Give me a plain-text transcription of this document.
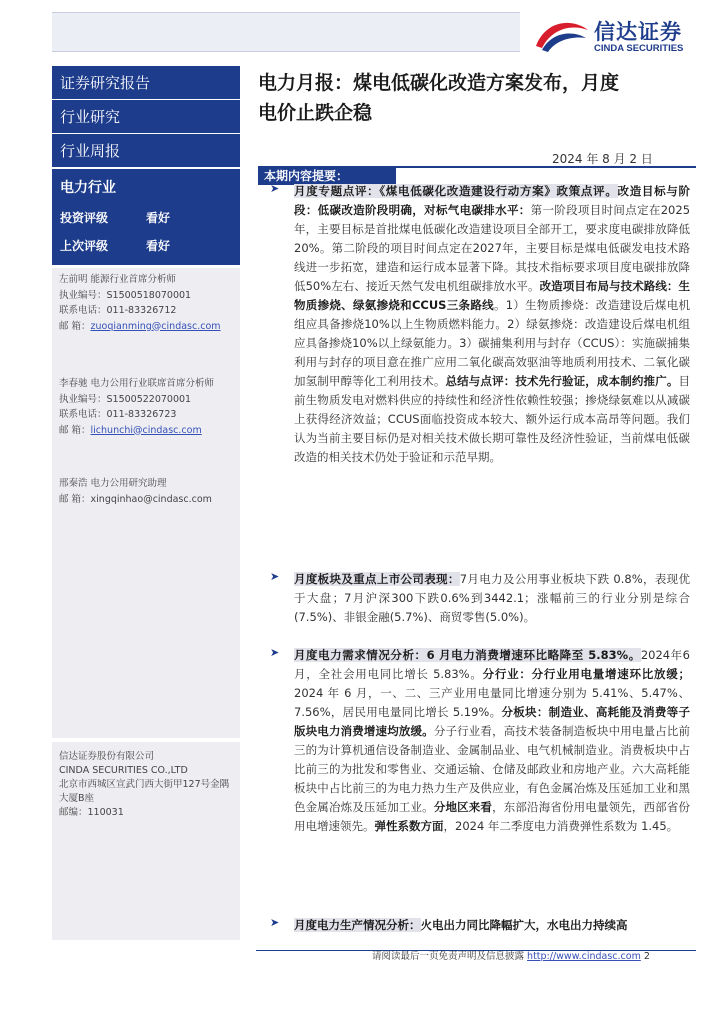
信达证券
CINDA SECURITIES
证券研究报告
行业研究
行业周报
电力行业
投资评级	看好
上次评级	看好
左前明 能源行业首席分析师
执业编号：S1500518070001
联系电话：011-83326712
邮 箱：zuoqianming@cindasc.com
李春驰 电力公用行业联席首席分析师
执业编号：S1500522070001
联系电话：011-83326723
邮 箱：lichunchi@cindasc.com
邢秦浩 电力公用研究助理
邮 箱：xingqinhao@cindasc.com
信达证券股份有限公司
CINDA SECURITIES CO.,LTD
北京市西城区宣武门西大街甲127号金隅
大厦B座
邮编：110031
电力月报：煤电低碳化改造方案发布，月度
电价止跌企稳
2024 年 8 月 2 日
本期内容提要：
➤ 月度专题点评：《煤电低碳化改造建设行动方案》政策点评。改造目标与阶段：低碳改造阶段明确，对标气电碳排水平：第一阶段项目时间点定在2025年，主要目标是首批煤电低碳化改造建设项目全部开工，要求度电碳排放降低20%。第二阶段的项目时间点定在2027年，主要目标是煤电低碳发电技术路线进一步拓宽，建造和运行成本显著下降。其技术指标要求项目度电碳排放降低50%左右、接近天然气发电机组碳排放水平。改造项目布局与技术路线：生物质掺烧、绿氨掺烧和CCUS三条路线。1）生物质掺烧：改造建设后煤电机组应具备掺烧10%以上生物质燃料能力。2）绿氨掺烧：改造建设后煤电机组应具备掺烧10%以上绿氨能力。3）碳捕集利用与封存（CCUS）：实施碳捕集利用与封存的项目意在推广应用二氧化碳高效驱油等地质利用技术、二氧化碳加氢制甲醇等化工利用技术。总结与点评：技术先行验证，成本制约推广。目前生物质发电对燃料供应的持续性和经济性依赖性较强；掺烧绿氨难以从减碳上获得经济效益；CCUS面临投资成本较大、额外运行成本高昂等问题。我们认为当前主要目标仍是对相关技术做长期可靠性及经济性验证，当前煤电低碳改造的相关技术仍处于验证和示范早期。
➤ 月度板块及重点上市公司表现：7月电力及公用事业板块下跌 0.8%，表现优于大盘；7月沪深300下跌0.6%到3442.1；涨幅前三的行业分别是综合(7.5%)、非银金融(5.7%)、商贸零售(5.0%)。
➤ 月度电力需求情况分析：6 月电力消费增速环比略降至 5.83%。2024年6月，全社会用电同比增长 5.83%。分行业：分行业用电量增速环比放缓；2024 年 6 月，一、二、三产业用电量同比增速分别为 5.41%、5.47%、7.56%，居民用电量同比增长 5.19%。分板块：制造业、高耗能及消费等子版块电力消费增速均放缓。分子行业看，高技术装备制造板块中用电量占比前三的为计算机通信设备制造业、金属制品业、电气机械制造业。消费板块中占比前三的为批发和零售业、交通运输、仓储及邮政业和房地产业。六大高耗能板块中占比前三的为电力热力生产及供应业，有色金属冶炼及压延加工业和黑色金属冶炼及压延加工业。分地区来看，东部沿海省份用电量领先，西部省份用电增速领先。弹性系数方面，2024 年二季度电力消费弹性系数为 1.45。
➤ 月度电力生产情况分析：火电出力同比降幅扩大，水电出力持续高
请阅读最后一页免责声明及信息披露 http://www.cindasc.com 2
